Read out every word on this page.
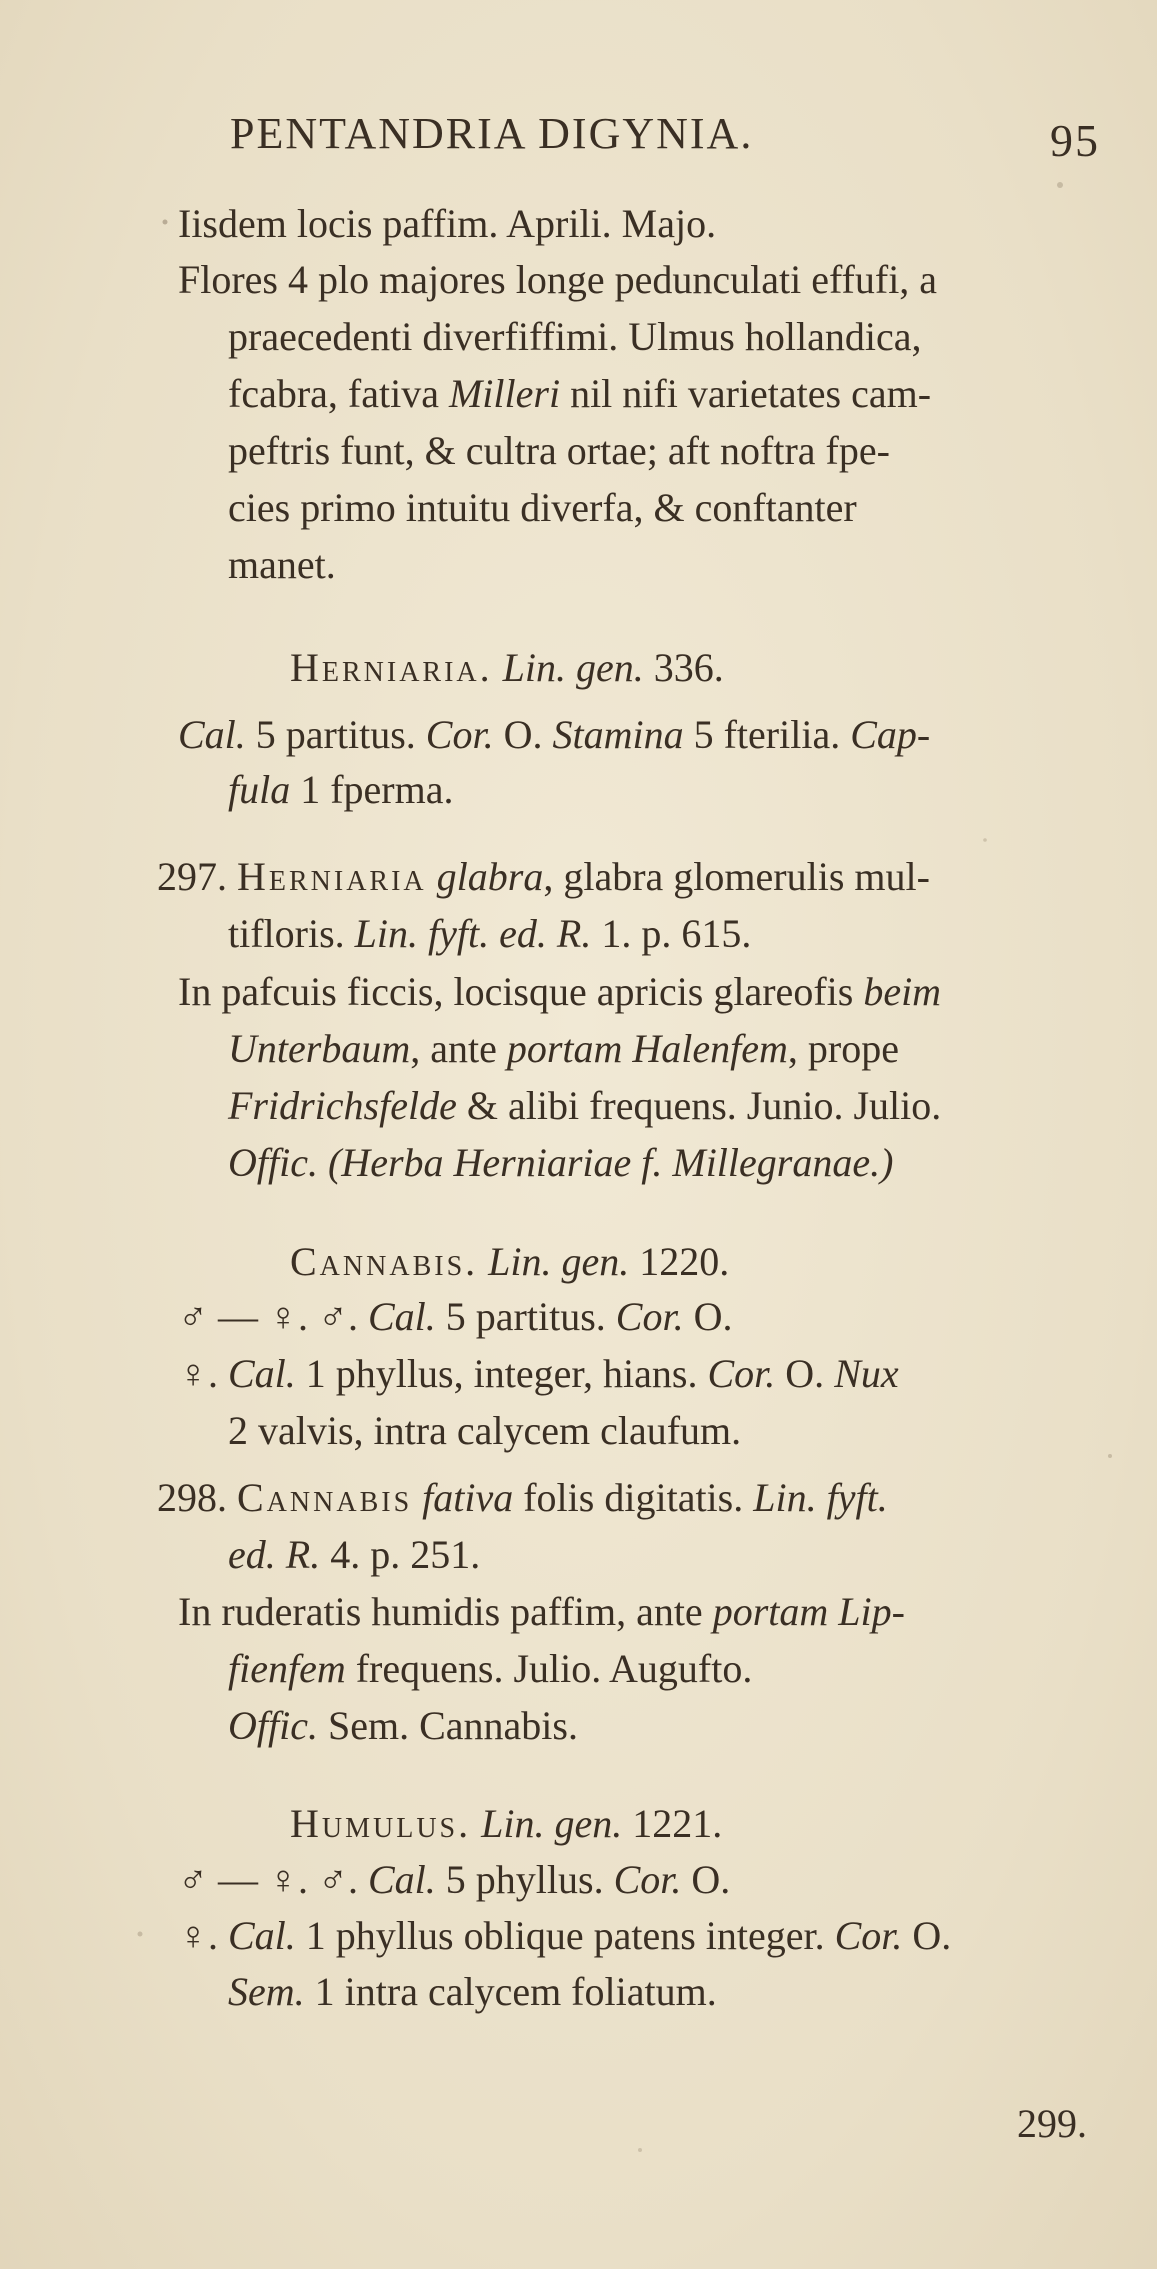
PENTANDRIA DIGYNIA.	95
Iisdem locis paffim. Aprili. Majo.
Flores 4 plo majores longe pedunculati effufi, a
praecedenti diverfiffimi. Ulmus hollandica,
fcabra, fativa Milleri nil nifi varietates cam-
peftris funt, & cultra ortae; aft noftra fpe-
cies primo intuitu diverfa, & conftanter
manet.
Herniaria. Lin. gen. 336.
Cal. 5 partitus. Cor. O. Stamina 5 fterilia. Cap-
fula 1 fperma.
297. Herniaria glabra, glabra glomerulis mul-
tifloris. Lin. fyft. ed. R. 1. p. 615.
In pafcuis ficcis, locisque apricis glareofis beim
Unterbaum, ante portam Halenfem, prope
Fridrichsfelde & alibi frequens. Junio. Julio.
Offic. (Herba Herniariae f. Millegranae.)
Cannabis. Lin. gen. 1220.
♂ — ♀. ♂. Cal. 5 partitus. Cor. O.
♀. Cal. 1 phyllus, integer, hians. Cor. O. Nux
2 valvis, intra calycem claufum.
298. Cannabis fativa folis digitatis. Lin. fyft.
ed. R. 4. p. 251.
In ruderatis humidis paffim, ante portam Lip-
fienfem frequens. Julio. Augufto.
Offic. Sem. Cannabis.
Humulus. Lin. gen. 1221.
♂ — ♀. ♂. Cal. 5 phyllus. Cor. O.
♀. Cal. 1 phyllus oblique patens integer. Cor. O.
Sem. 1 intra calycem foliatum.
299.
